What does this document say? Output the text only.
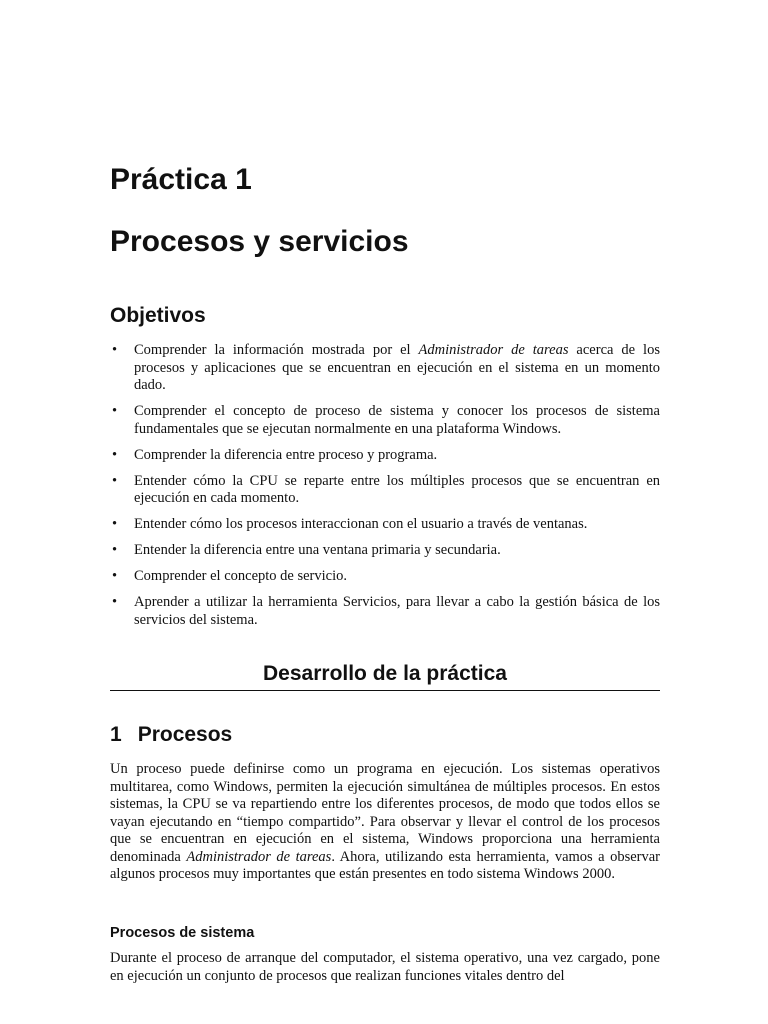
Práctica 1
Procesos y servicios
Objetivos
• Comprender la información mostrada por el Administrador de tareas acerca de los procesos y aplicaciones que se encuentran en ejecución en el sistema en un momento dado.
• Comprender el concepto de proceso de sistema y conocer los procesos de sistema fundamentales que se ejecutan normalmente en una plataforma Windows.
• Comprender la diferencia entre proceso y programa.
• Entender cómo la CPU se reparte entre los múltiples procesos que se encuentran en ejecución en cada momento.
• Entender cómo los procesos interaccionan con el usuario a través de ventanas.
• Entender la diferencia entre una ventana primaria y secundaria.
• Comprender el concepto de servicio.
• Aprender a utilizar la herramienta Servicios, para llevar a cabo la gestión básica de los servicios del sistema.
Desarrollo de la práctica
1 Procesos

Un proceso puede definirse como un programa en ejecución. Los sistemas operativos multitarea, como Windows, permiten la ejecución simultánea de múltiples procesos. En estos sistemas, la CPU se va repartiendo entre los diferentes procesos, de modo que todos ellos se vayan ejecutando en “tiempo compartido”. Para observar y llevar el control de los procesos que se encuentran en ejecución en el sistema, Windows proporciona una herramienta denominada Administrador de tareas. Ahora, utilizando esta herramienta, vamos a observar algunos procesos muy importantes que están presentes en todo sistema Windows 2000.

Procesos de sistema

Durante el proceso de arranque del computador, el sistema operativo, una vez cargado, pone en ejecución un conjunto de procesos que realizan funciones vitales dentro del
